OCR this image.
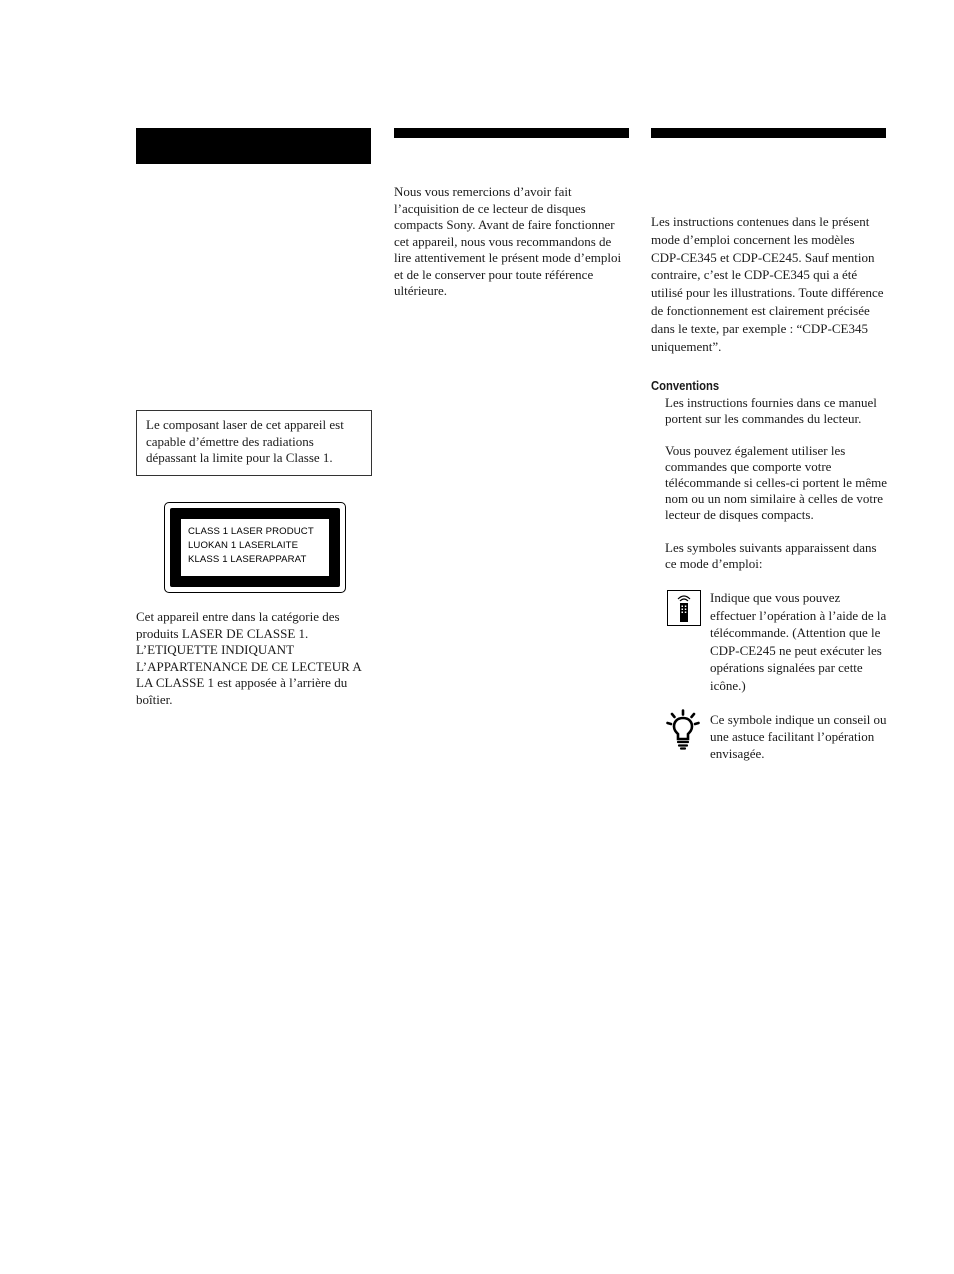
Le composant laser de cet appareil est capable d’émettre des radiations dépassant la limite pour la Classe 1.

CLASS 1 LASER PRODUCT
LUOKAN 1 LASERLAITE
KLASS 1 LASERAPPARAT

Cet appareil entre dans la catégorie des produits LASER DE CLASSE 1. L’ETIQUETTE INDIQUANT L’APPARTENANCE DE CE LECTEUR A LA CLASSE 1 est apposée à l’arrière du boîtier.

Nous vous remercions d’avoir fait l’acquisition de ce lecteur de disques compacts Sony. Avant de faire fonctionner cet appareil, nous vous recommandons de lire attentivement le présent mode d’emploi et de le conserver pour toute référence ultérieure.

Les instructions contenues dans le présent mode d’emploi concernent les modèles CDP-CE345 et CDP-CE245. Sauf mention contraire, c’est le CDP-CE345 qui a été utilisé pour les illustrations. Toute différence de fonctionnement est clairement précisée dans le texte, par exemple : “CDP-CE345 uniquement”.

Conventions

Les instructions fournies dans ce manuel portent sur les commandes du lecteur.

Vous pouvez également utiliser les commandes que comporte votre télécommande si celles-ci portent le même nom ou un nom similaire à celles de votre lecteur de disques compacts.

Les symboles suivants apparaissent dans ce mode d’emploi:

Indique que vous pouvez effectuer l’opération à l’aide de la télécommande. (Attention que le CDP-CE245 ne peut exécuter les opérations signalées par cette icône.)

Ce symbole indique un conseil ou une astuce facilitant l’opération envisagée.
